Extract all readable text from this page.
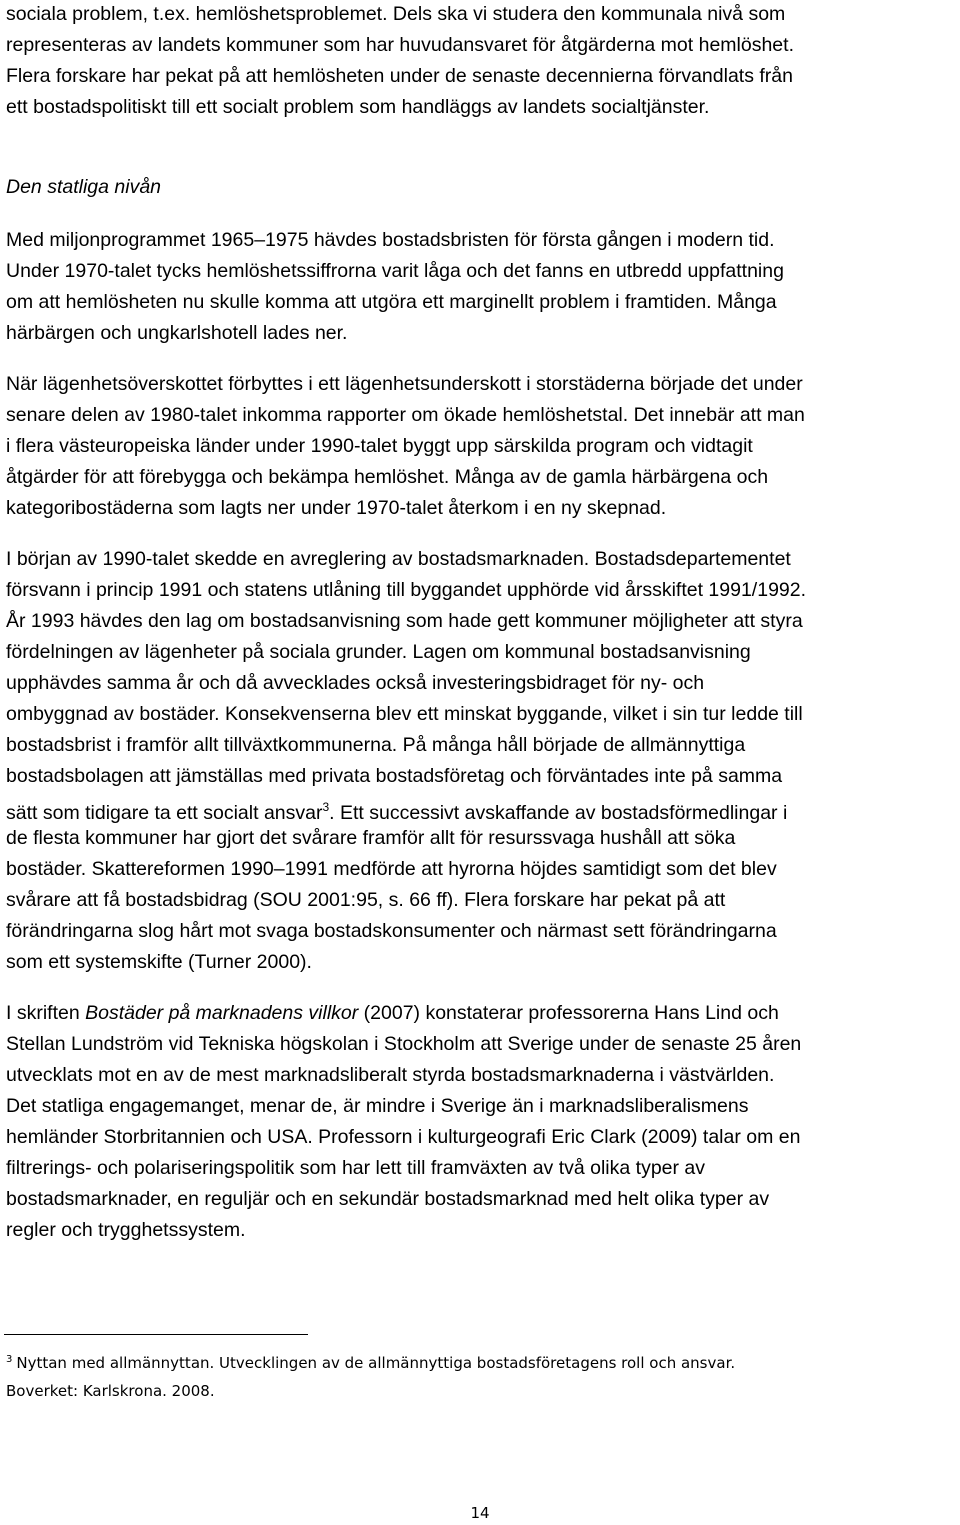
sociala problem, t.ex. hemlöshetsproblemet. Dels ska vi studera den kommunala nivå som
representeras av landets kommuner som har huvudansvaret för åtgärderna mot hemlöshet.
Flera forskare har pekat på att hemlösheten under de senaste decennierna förvandlats från
ett bostadspolitiskt till ett socialt problem som handläggs av landets socialtjänster.
Den statliga nivån
Med miljonprogrammet 1965–1975 hävdes bostadsbristen för första gången i modern tid.
Under 1970-talet tycks hemlöshetssiffrorna varit låga och det fanns en utbredd uppfattning
om att hemlösheten nu skulle komma att utgöra ett marginellt problem i framtiden. Många
härbärgen och ungkarlshotell lades ner.
När lägenhetsöverskottet förbyttes i ett lägenhetsunderskott i storstäderna började det under
senare delen av 1980-talet inkomma rapporter om ökade hemlöshetstal. Det innebär att man
i flera västeuropeiska länder under 1990-talet byggt upp särskilda program och vidtagit
åtgärder för att förebygga och bekämpa hemlöshet. Många av de gamla härbärgena och
kategoribostäderna som lagts ner under 1970-talet återkom i en ny skepnad.
I början av 1990-talet skedde en avreglering av bostadsmarknaden. Bostadsdepartementet
försvann i princip 1991 och statens utlåning till byggandet upphörde vid årsskiftet 1991/1992.
År 1993 hävdes den lag om bostadsanvisning som hade gett kommuner möjligheter att styra
fördelningen av lägenheter på sociala grunder. Lagen om kommunal bostadsanvisning
upphävdes samma år och då avvecklades också investeringsbidraget för ny- och
ombyggnad av bostäder. Konsekvenserna blev ett minskat byggande, vilket i sin tur ledde till
bostadsbrist i framför allt tillväxtkommunerna. På många håll började de allmännyttiga
bostadsbolagen att jämställas med privata bostadsföretag och förväntades inte på samma
sätt som tidigare ta ett socialt ansvar$^3$. Ett successivt avskaffande av bostadsförmedlingar i
de flesta kommuner har gjort det svårare framför allt för resurssvaga hushåll att söka
bostäder. Skattereformen 1990–1991 medförde att hyrorna höjdes samtidigt som det blev
svårare att få bostadsbidrag (SOU 2001:95, s. 66 ff). Flera forskare har pekat på att
förändringarna slog hårt mot svaga bostadskonsumenter och närmast sett förändringarna
som ett systemskifte (Turner 2000).
I skriften Bostäder på marknadens villkor (2007) konstaterar professorerna Hans Lind och
Stellan Lundström vid Tekniska högskolan i Stockholm att Sverige under de senaste 25 åren
utvecklats mot en av de mest marknadsliberalt styrda bostadsmarknaderna i västvärlden.
Det statliga engagemanget, menar de, är mindre i Sverige än i marknadsliberalismens
hemländer Storbritannien och USA. Professorn i kulturgeografi Eric Clark (2009) talar om en
filtrerings- och polariseringspolitik som har lett till framväxten av två olika typer av
bostadsmarknader, en reguljär och en sekundär bostadsmarknad med helt olika typer av
regler och trygghetssystem.
$^3$ Nyttan med allmännyttan. Utvecklingen av de allmännyttiga bostadsföretagens roll och ansvar.
Boverket: Karlskrona. 2008.
14
